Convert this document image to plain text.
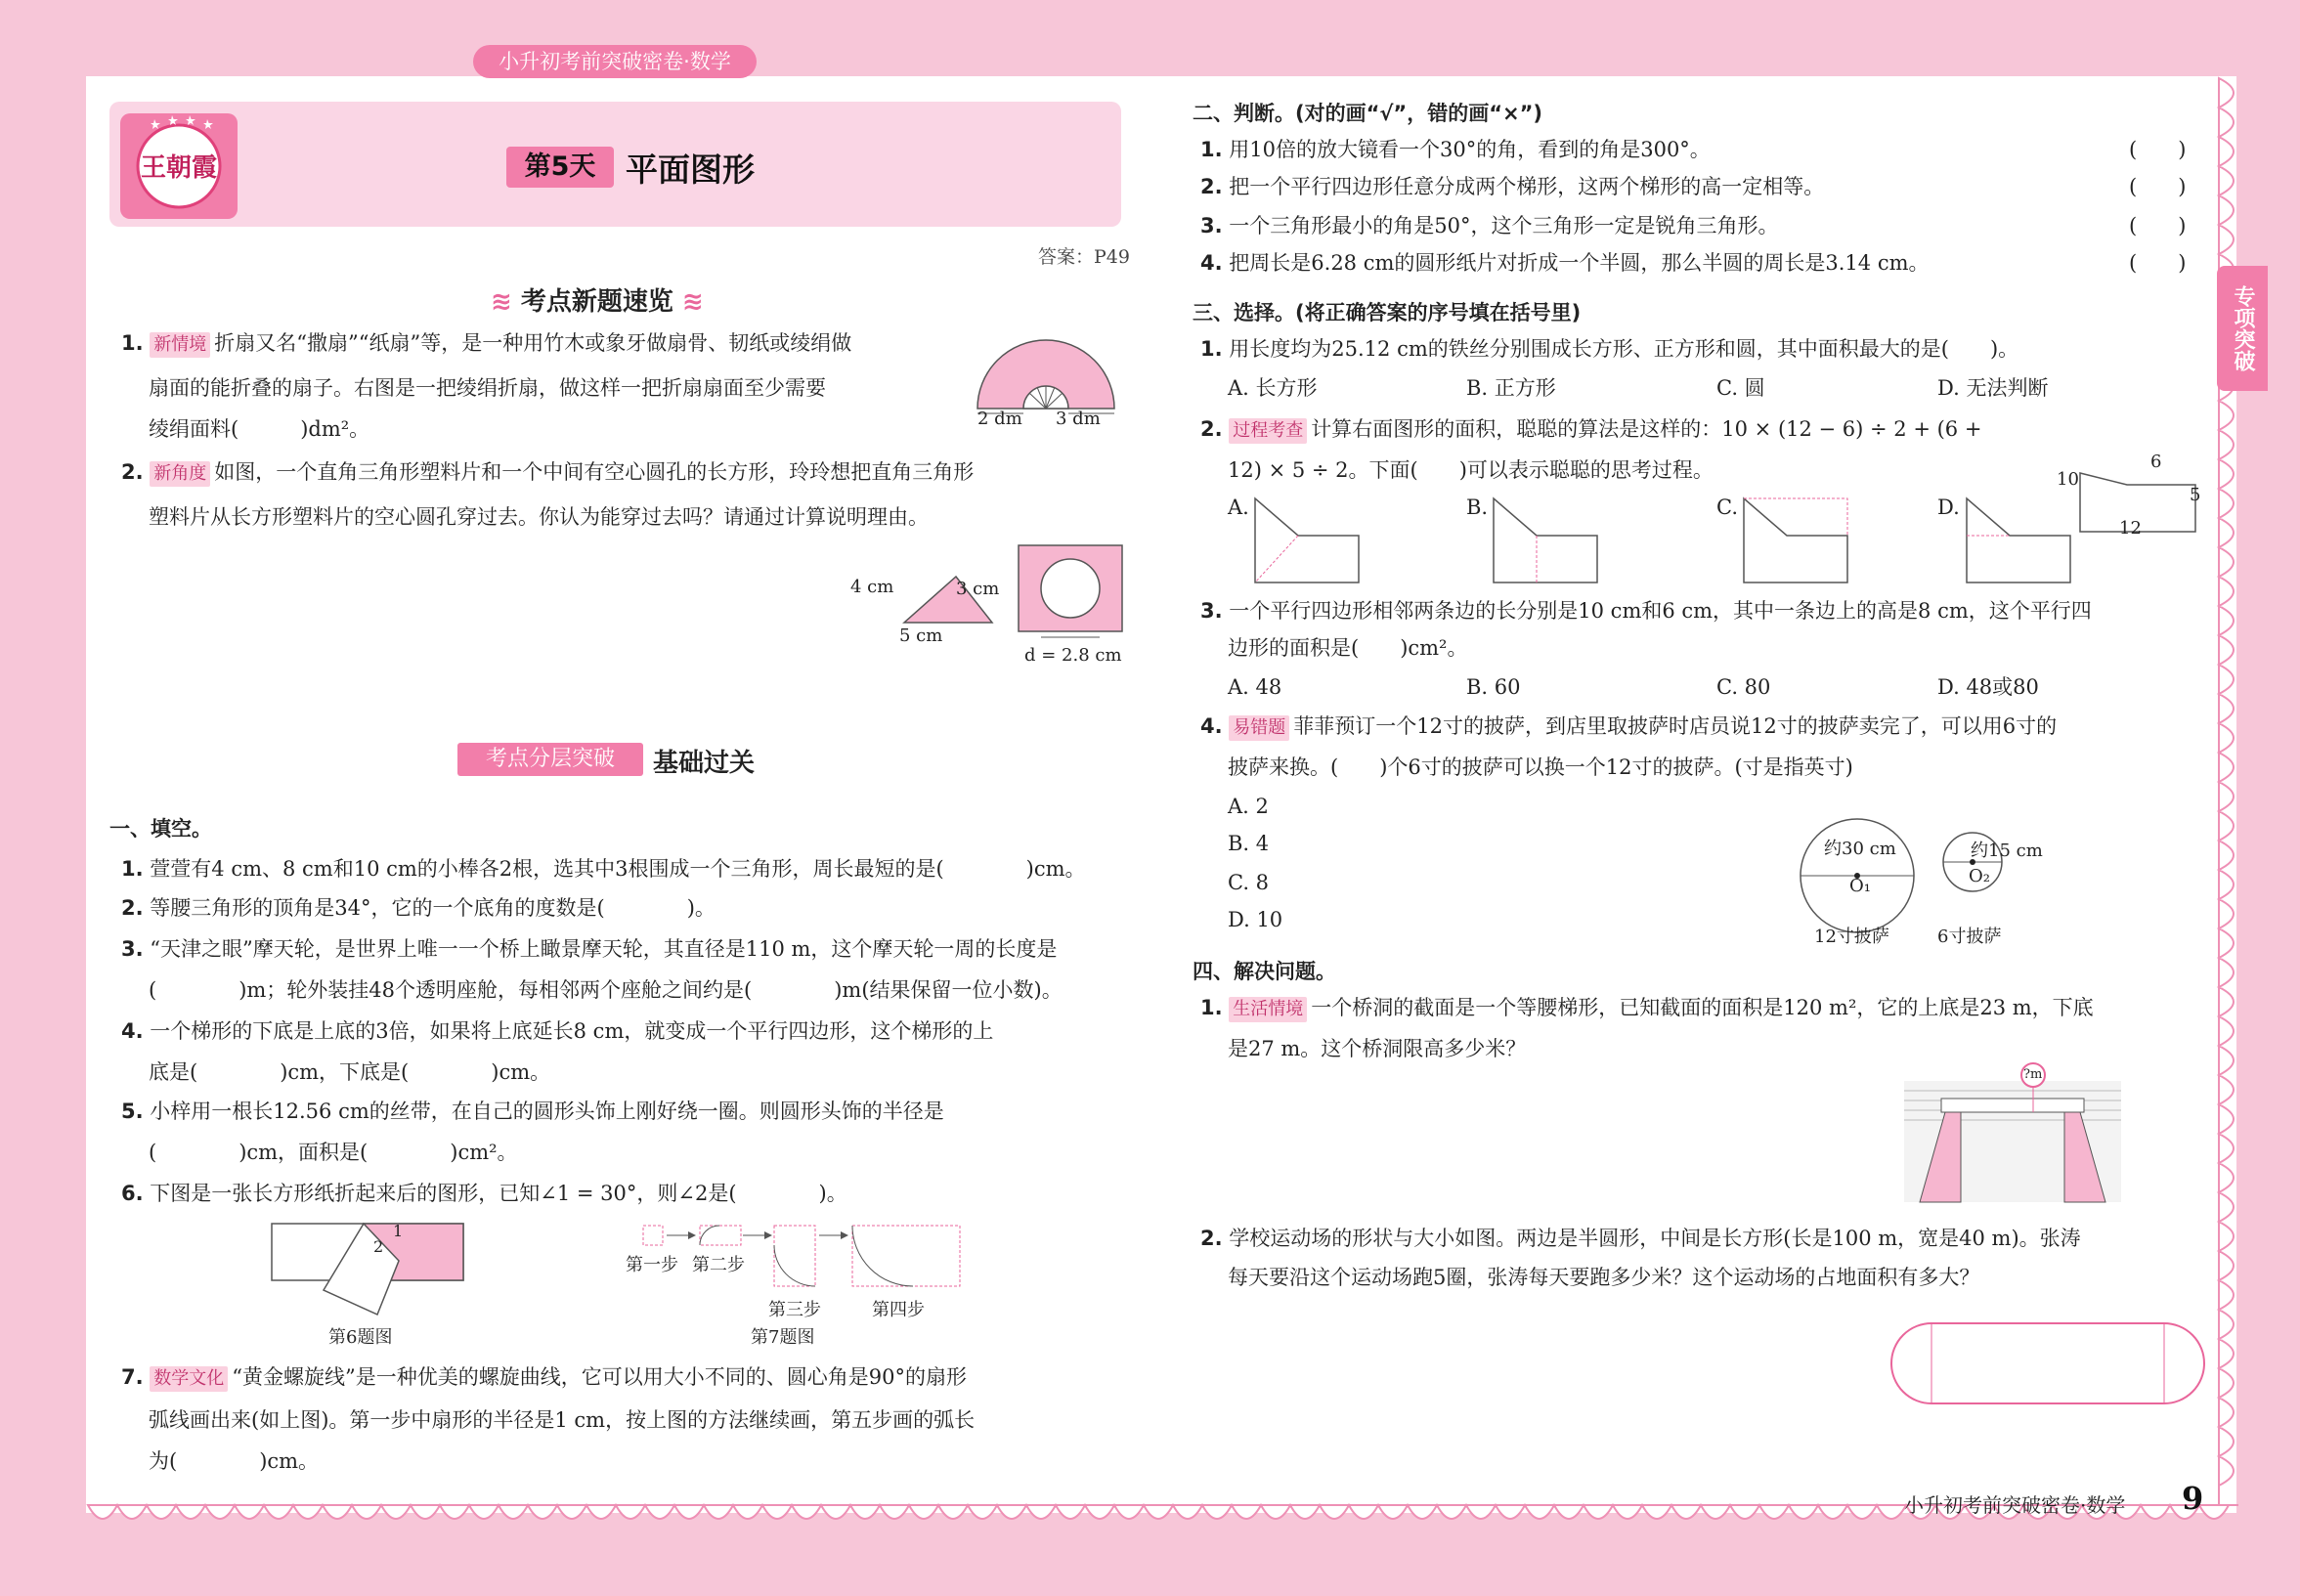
小升初考前突破密卷·数学
王朝霞	第5天 平面图形
答案：P49
专项突破
≋ 考点新题速览 ≋
1. 新情境 折扇又名“撒扇”“纸扇”等，是一种用竹木或象牙做扇骨、韧纸或绫绢做
扇面的能折叠的扇子。右图是一把绫绢折扇，做这样一把折扇扇面至少需要
绫绢面料(　　　)dm²。	2 dm 3 dm
2. 新角度 如图，一个直角三角形塑料片和一个中间有空心圆孔的长方形，玲玲想把直角三角形
塑料片从长方形塑料片的空心圆孔穿过去。你认为能穿过去吗？请通过计算说明理由。
4 cm	3 cm
5 cm
d = 2.8 cm
考点分层突破	基础过关
一、填空。
1. 萱萱有4 cm、8 cm和10 cm的小棒各2根，选其中3根围成一个三角形，周长最短的是(　　　　)cm。
2. 等腰三角形的顶角是34°，它的一个底角的度数是(　　　　)。
3. “天津之眼”摩天轮，是世界上唯一一个桥上瞰景摩天轮，其直径是110 m，这个摩天轮一周的长度是
(　　　　)m；轮外装挂48个透明座舱，每相邻两个座舱之间约是(　　　　)m(结果保留一位小数)。
4. 一个梯形的下底是上底的3倍，如果将上底延长8 cm，就变成一个平行四边形，这个梯形的上
底是(　　　　)cm，下底是(　　　　)cm。
5. 小梓用一根长12.56 cm的丝带，在自己的圆形头饰上刚好绕一圈。则圆形头饰的半径是
(　　　　)cm，面积是(　　　　)cm²。
6. 下图是一张长方形纸折起来后的图形，已知∠1 = 30°，则∠2是(　　　　)。
1
2
第6题图
第一步 第二步
第三步	第四步
第7题图
7. 数学文化 “黄金螺旋线”是一种优美的螺旋曲线，它可以用大小不同的、圆心角是90°的扇形
弧线画出来(如上图)。第一步中扇形的半径是1 cm，按上图的方法继续画，第五步画的弧长
为(　　　　)cm。
二、判断。(对的画“√”，错的画“×”)
1. 用10倍的放大镜看一个30°的角，看到的角是300°。	(　　)
2. 把一个平行四边形任意分成两个梯形，这两个梯形的高一定相等。	(　　)
3. 一个三角形最小的角是50°，这个三角形一定是锐角三角形。	(　　)
4. 把周长是6.28 cm的圆形纸片对折成一个半圆，那么半圆的周长是3.14 cm。	(　　)
三、选择。(将正确答案的序号填在括号里)
1. 用长度均为25.12 cm的铁丝分别围成长方形、正方形和圆，其中面积最大的是(　　)。
A. 长方形	B. 正方形	C. 圆	D. 无法判断
2. 过程考查 计算右面图形的面积，聪聪的算法是这样的：10 × (12 − 6) ÷ 2 + (6 +
12) × 5 ÷ 2。下面(　　)可以表示聪聪的思考过程。	6
10
5
12
A.	B.	C.	D.
3. 一个平行四边形相邻两条边的长分别是10 cm和6 cm，其中一条边上的高是8 cm，这个平行四
边形的面积是(　　)cm²。
A. 48	B. 60	C. 80	D. 48或80
4. 易错题 菲菲预订一个12寸的披萨，到店里取披萨时店员说12寸的披萨卖完了，可以用6寸的
披萨来换。(　　)个6寸的披萨可以换一个12寸的披萨。(寸是指英寸)
A. 2
B. 4
C. 8
D. 10
约30 cm	约15 cm
O₁	O₂
12寸披萨	6寸披萨
四、解决问题。
1. 生活情境 一个桥洞的截面是一个等腰梯形，已知截面的面积是120 m²，它的上底是23 m，下底
是27 m。这个桥洞限高多少米？
?m
2. 学校运动场的形状与大小如图。两边是半圆形，中间是长方形(长是100 m，宽是40 m)。张涛
每天要沿这个运动场跑5圈，张涛每天要跑多少米？这个运动场的占地面积有多大？
小升初考前突破密卷·数学 9
